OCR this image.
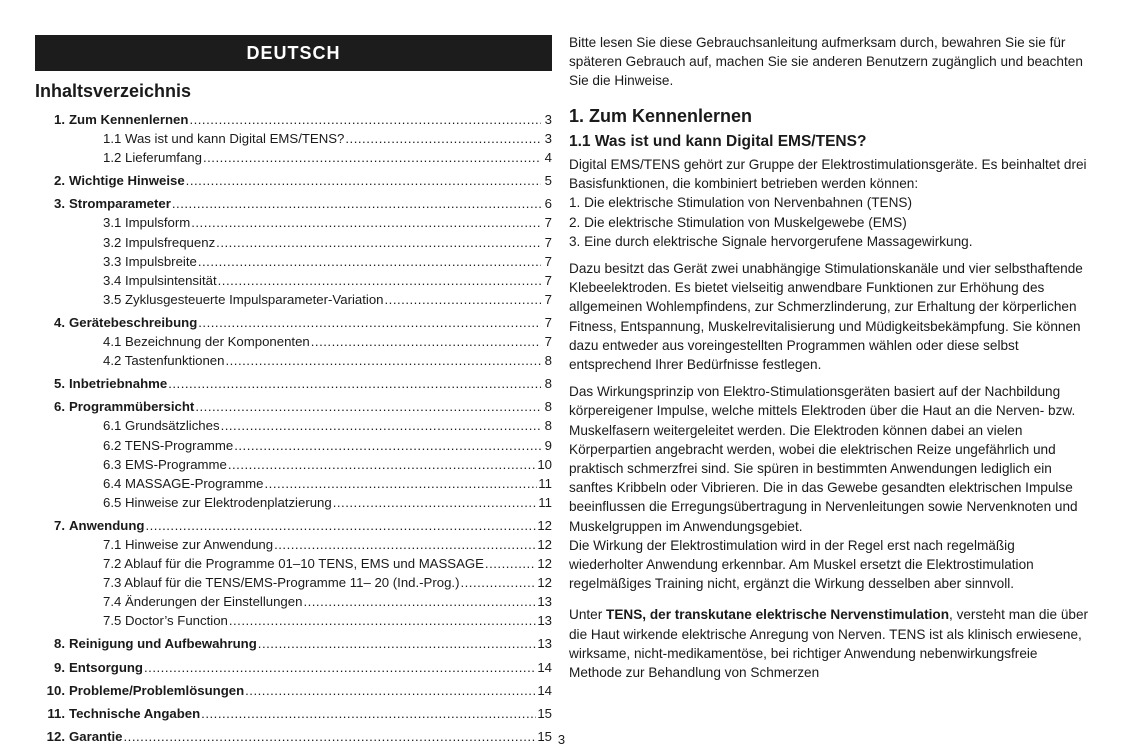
DEUTSCH
Inhaltsverzeichnis
1. Zum Kennenlernen .....	3
1.1 Was ist und kann Digital EMS/TENS? .....	3
1.2 Lieferumfang .....	4
2. Wichtige Hinweise .....	5
3. Stromparameter .....	6
3.1 Impulsform .....	7
3.2 Impulsfrequenz .....	7
3.3 Impulsbreite .....	7
3.4 Impulsintensität .....	7
3.5 Zyklusgesteuerte Impulsparameter-Variation .....	7
4. Gerätebeschreibung .....	7
4.1 Bezeichnung der Komponenten .....	7
4.2 Tastenfunktionen .....	8
5. Inbetriebnahme .....	8
6. Programmübersicht .....	8
6.1 Grundsätzliches .....	8
6.2 TENS-Programme .....	9
6.3 EMS-Programme .....	10
6.4 MASSAGE-Programme .....	11
6.5 Hinweise zur Elektrodenplatzierung .....	11
7. Anwendung .....	12
7.1 Hinweise zur Anwendung .....	12
7.2 Ablauf für die Programme 01–10 TENS, EMS und MASSAGE .....	12
7.3 Ablauf für die TENS/EMS-Programme 11– 20 (Ind.-Prog.) .....	12
7.4 Änderungen der Einstellungen .....	13
7.5 Doctor’s Function .....	13
8. Reinigung und Aufbewahrung .....	13
9. Entsorgung .....	14
10. Probleme/Problemlösungen .....	14
11. Technische Angaben .....	15
12. Garantie .....	15

Bitte lesen Sie diese Gebrauchsanleitung aufmerksam durch, bewahren Sie sie für späteren Gebrauch auf, machen Sie sie anderen Benutzern zugänglich und beachten Sie die Hinweise.

1. Zum Kennenlernen
1.1 Was ist und kann Digital EMS/TENS?

Digital EMS/TENS gehört zur Gruppe der Elektrostimulationsgeräte. Es beinhaltet drei Basisfunktionen, die kombiniert betrieben werden können:
1. Die elektrische Stimulation von Nervenbahnen (TENS)
2. Die elektrische Stimulation von Muskelgewebe (EMS)
3. Eine durch elektrische Signale hervorgerufene Massagewirkung.

Dazu besitzt das Gerät zwei unabhängige Stimulationskanäle und vier selbsthaftende Klebeelektroden. Es bietet vielseitig anwendbare Funktionen zur Erhöhung des allgemeinen Wohlempfindens, zur Schmerzlinderung, zur Erhaltung der körperlichen Fitness, Entspannung, Muskelrevitalisierung und Müdigkeitsbekämpfung. Sie können dazu entweder aus voreingestellten Programmen wählen oder diese selbst entsprechend Ihrer Bedürfnisse festlegen.

Das Wirkungsprinzip von Elektro-Stimulationsgeräten basiert auf der Nachbildung körpereigener Impulse, welche mittels Elektroden über die Haut an die Nerven- bzw. Muskelfasern weitergeleitet werden. Die Elektroden können dabei an vielen Körperpartien angebracht werden, wobei die elektrischen Reize ungefährlich und praktisch schmerzfrei sind. Sie spüren in bestimmten Anwendungen lediglich ein sanftes Kribbeln oder Vibrieren. Die in das Gewebe gesandten elektrischen Impulse beeinflussen die Erregungsübertragung in Nervenleitungen sowie Nervenknoten und Muskelgruppen im Anwendungsgebiet.

Die Wirkung der Elektrostimulation wird in der Regel erst nach regelmäßig wiederholter Anwendung erkennbar. Am Muskel ersetzt die Elektrostimulation regelmäßiges Training nicht, ergänzt die Wirkung desselben aber sinnvoll.

Unter TENS, der transkutane elektrische Nervenstimulation, versteht man die über die Haut wirkende elektrische Anregung von Nerven. TENS ist als klinisch erwiesene, wirksame, nicht-medikamentöse, bei richtiger Anwendung nebenwirkungsfreie Methode zur Behandlung von Schmerzen

3
